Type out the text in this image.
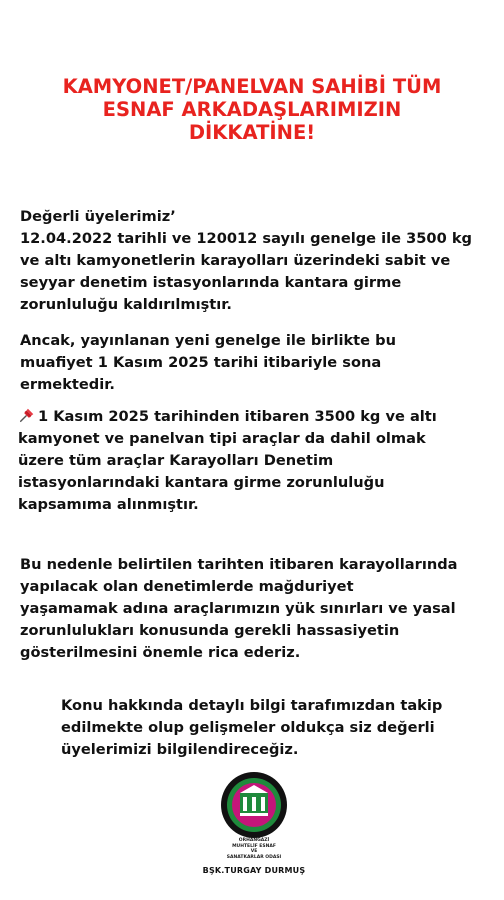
KAMYONET/PANELVAN SAHİBİ TÜM
ESNAF ARKADAŞLARIMIZIN
DİKKATİNE!
Değerli üyelerimiz’
12.04.2022 tarihli ve 120012 sayılı genelge ile 3500 kg
ve altı kamyonetlerin karayolları üzerindeki sabit ve
seyyar denetim istasyonlarında kantara girme
zorunluluğu kaldırılmıştır.
Ancak, yayınlanan yeni genelge ile birlikte bu
muafiyet 1 Kasım 2025 tarihi itibariyle sona
ermektedir.
1 Kasım 2025 tarihinden itibaren 3500 kg ve altı
kamyonet ve panelvan tipi araçlar da dahil olmak
üzere tüm araçlar Karayolları Denetim
istasyonlarındaki kantara girme zorunluluğu
kapsamıma alınmıştır.
Bu nedenle belirtilen tarihten itibaren karayollarında
yapılacak olan denetimlerde mağduriyet
yaşamamak adına araçlarımızın yük sınırları ve yasal
zorunlulukları konusunda gerekli hassasiyetin
gösterilmesini önemle rica ederiz.
Konu hakkında detaylı bilgi tarafımızdan takip
edilmekte olup gelişmeler oldukça siz değerli
üyelerimizi bilgilendireceğiz.
ORHANGAZİ
MUHTELİF ESNAF
VE
SANATKARLAR ODASI
BŞK.TURGAY DURMUŞ
